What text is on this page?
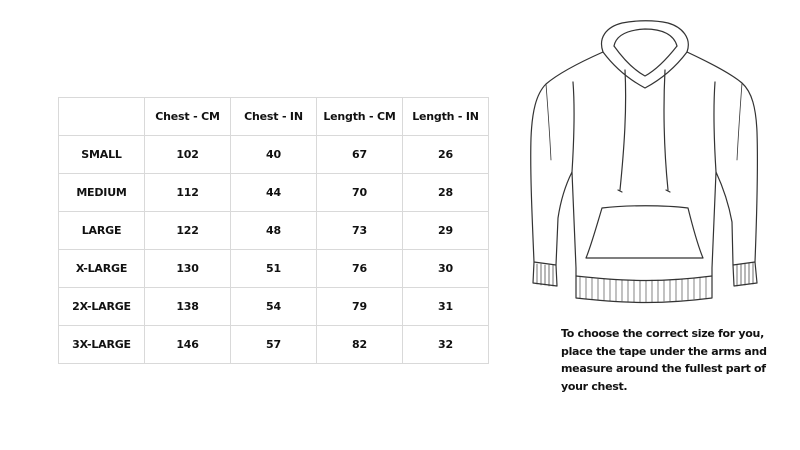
	Chest - CM	Chest - IN	Length - CM	Length - IN
SMALL	102	40	67	26
MEDIUM	112	44	70	28
LARGE	122	48	73	29
X-LARGE	130	51	76	30
2X-LARGE	138	54	79	31
3X-LARGE	146	57	82	32

To choose the correct size for you,
place the tape under the arms and
measure around the fullest part of
your chest.
